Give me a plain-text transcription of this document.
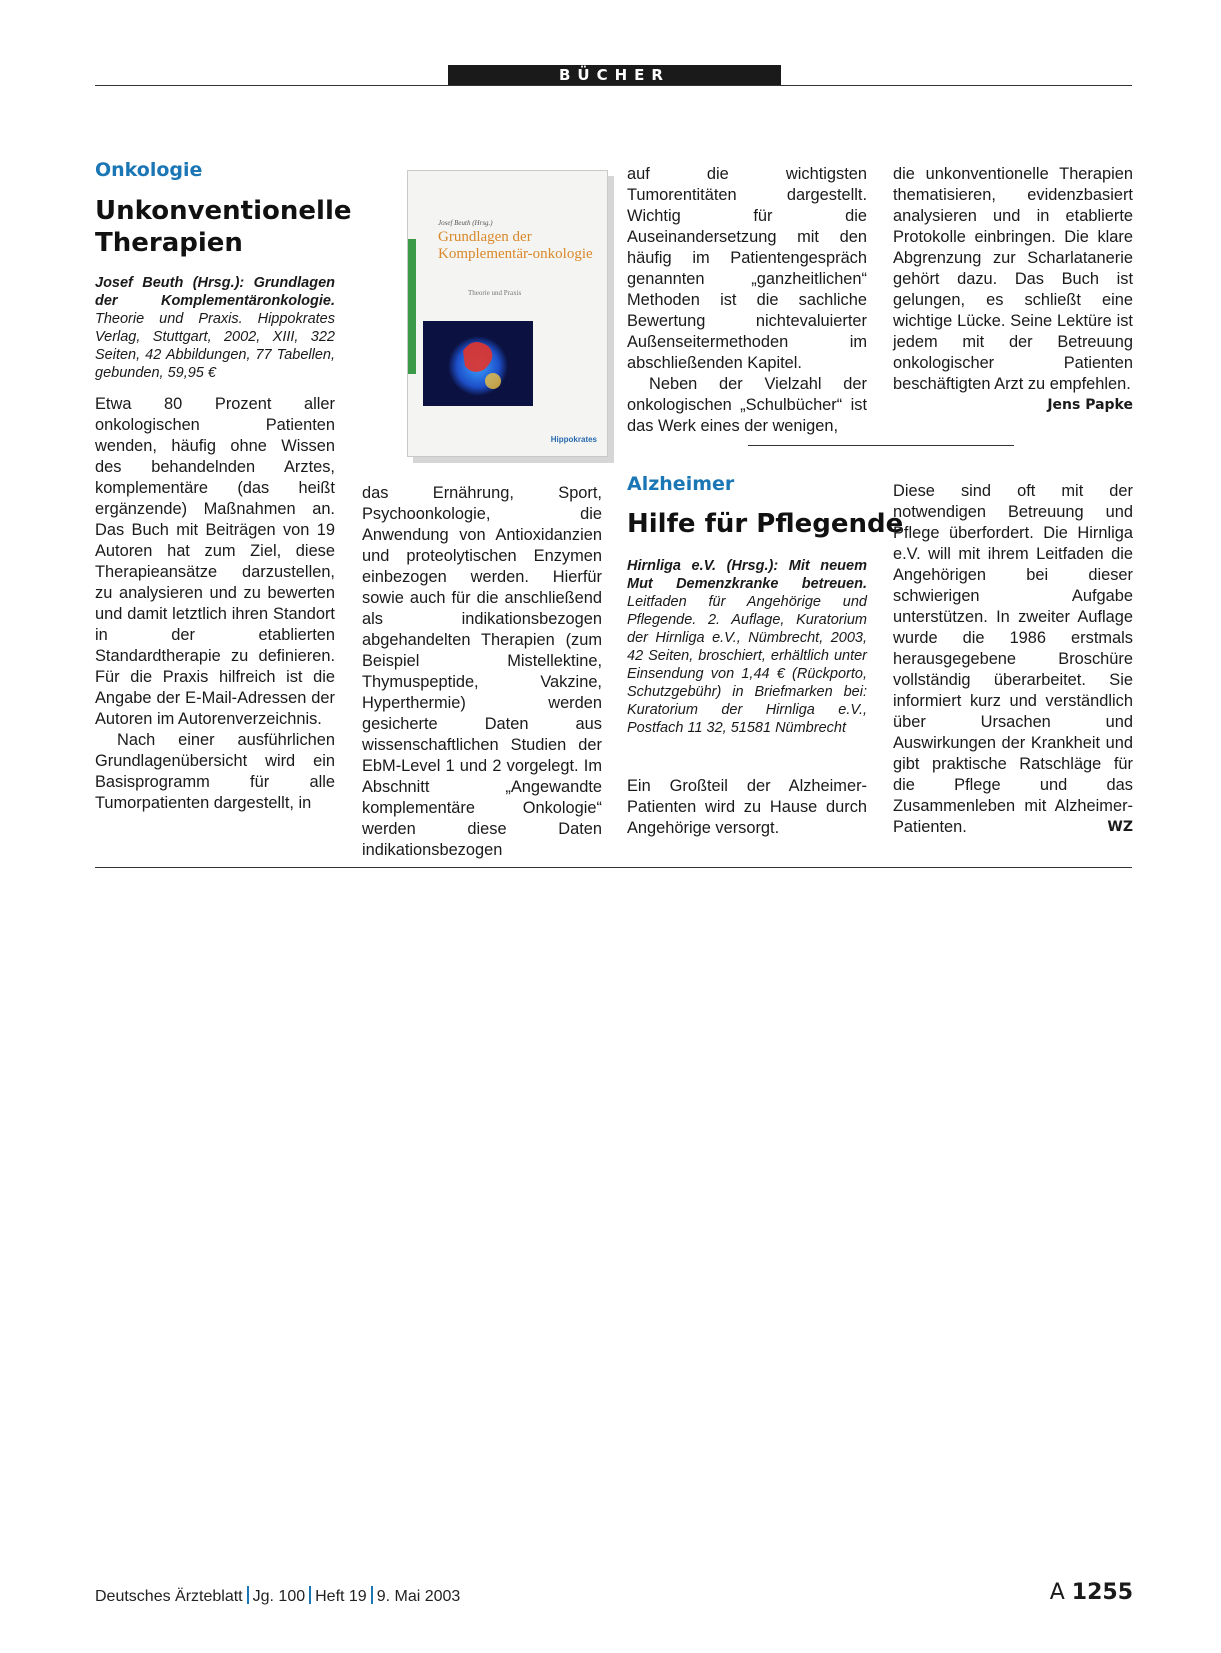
BÜCHER
Onkologie
Unkonventionelle
Therapien
Josef Beuth (Hrsg.): Grundlagen der Komplementäronkologie. Theorie und Praxis. Hippokrates Verlag, Stuttgart, 2002, XIII, 322 Seiten, 42 Abbildungen, 77 Tabellen, gebunden, 59,95 €

Etwa 80 Prozent aller onkologischen Patienten wenden, häufig ohne Wissen des behandelnden Arztes, komplementäre (das heißt ergänzende) Maßnahmen an. Das Buch mit Beiträgen von 19 Autoren hat zum Ziel, diese Therapieansätze darzustellen, zu analysieren und zu bewerten und damit letztlich ihren Standort in der etablierten Standardtherapie zu definieren. Für die Praxis hilfreich ist die Angabe der E-Mail-Adressen der Autoren im Autorenverzeichnis.

Nach einer ausführlichen Grundlagenübersicht wird ein Basisprogramm für alle Tumorpatienten dargestellt, in

Josef Beuth (Hrsg.)
Grundlagen der Komplementär-onkologie
Theorie und Praxis
Hippokrates
das Ernährung, Sport, Psychoonkologie, die Anwendung von Antioxidanzien und proteolytischen Enzymen einbezogen werden. Hierfür sowie auch für die anschließend als indikationsbezogen abgehandelten Therapien (zum Beispiel Mistellektine, Thymuspeptide, Vakzine, Hyperthermie) werden gesicherte Daten aus wissenschaftlichen Studien der EbM-Level 1 und 2 vorgelegt. Im Abschnitt „Angewandte komplementäre Onkologie“ werden diese Daten indikationsbezogen

auf die wichtigsten Tumorentitäten dargestellt. Wichtig für die Auseinandersetzung mit den häufig im Patientengespräch genannten „ganzheitlichen“ Methoden ist die sachliche Bewertung nichtevaluierter Außenseitermethoden im abschließenden Kapitel.

Neben der Vielzahl der onkologischen „Schulbücher“ ist das Werk eines der wenigen,

die unkonventionelle Therapien thematisieren, evidenzbasiert analysieren und in etablierte Protokolle einbringen. Die klare Abgrenzung zur Scharlatanerie gehört dazu. Das Buch ist gelungen, es schließt eine wichtige Lücke. Seine Lektüre ist jedem mit der Betreuung onkologischer Patienten beschäftigten Arzt zu empfehlen.
Jens Papke

Alzheimer
Hilfe für Pflegende
Hirnliga e.V. (Hrsg.): Mit neuem Mut Demenzkranke betreuen. Leitfaden für Angehörige und Pflegende. 2. Auflage, Kuratorium der Hirnliga e.V., Nümbrecht, 2003, 42 Seiten, broschiert, erhältlich unter Einsendung von 1,44 € (Rückporto, Schutzgebühr) in Briefmarken bei: Kuratorium der Hirnliga e.V., Postfach 11 32, 51581 Nümbrecht
Ein Großteil der Alzheimer-Patienten wird zu Hause durch Angehörige versorgt.

Diese sind oft mit der notwendigen Betreuung und Pflege überfordert. Die Hirnliga e.V. will mit ihrem Leitfaden die Angehörigen bei dieser schwierigen Aufgabe unterstützen. In zweiter Auflage wurde die 1986 erstmals herausgegebene Broschüre vollständig überarbeitet. Sie informiert kurz und verständlich über Ursachen und Auswirkungen der Krankheit und gibt praktische Ratschläge für die Pflege und das Zusammenleben mit Alzheimer-Patienten.	WZ

Deutsches Ärzteblatt Jg. 100 Heft 19 9. Mai 2003	A 1255
